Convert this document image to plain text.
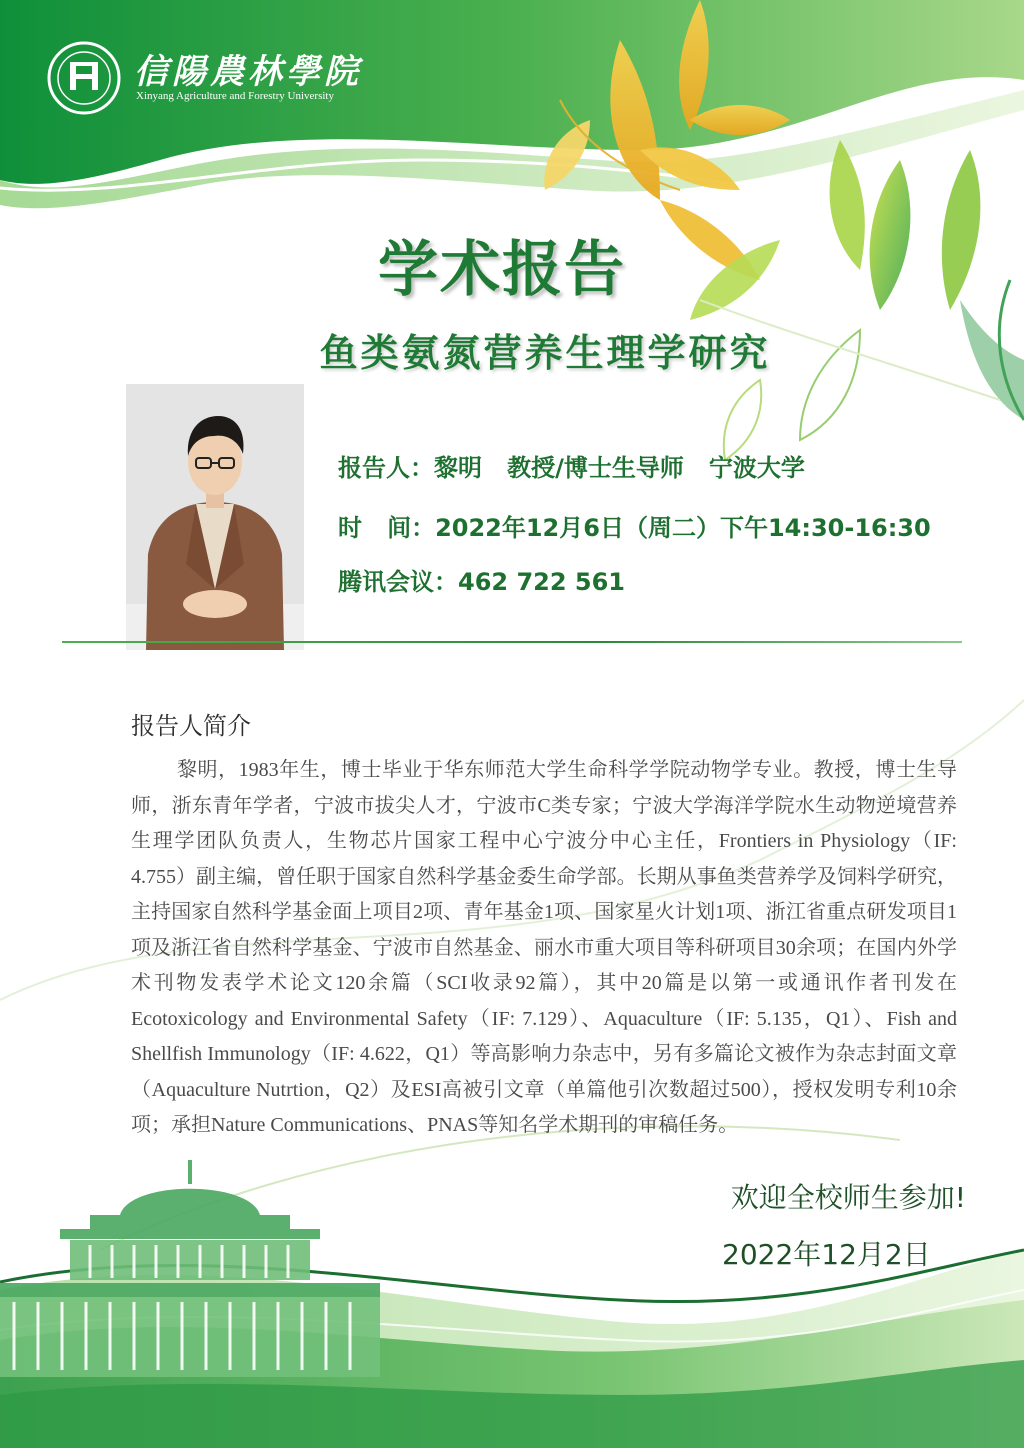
信陽農林學院
Xinyang Agriculture and Forestry University
学术报告
鱼类氨氮营养生理学研究
报告人：黎明   教授/博士生导师   宁波大学
时   间：2022年12月6日（周二）下午14:30-16:30
腾讯会议：462 722 561
报告人简介

黎明，1983年生，博士毕业于华东师范大学生命科学学院动物学专业。教授，博士生导师，浙东青年学者，宁波市拔尖人才，宁波市C类专家；宁波大学海洋学院水生动物逆境营养生理学团队负责人，生物芯片国家工程中心宁波分中心主任，Frontiers in Physiology（IF: 4.755）副主编，曾任职于国家自然科学基金委生命学部。长期从事鱼类营养学及饲料学研究，主持国家自然科学基金面上项目2项、青年基金1项、国家星火计划1项、浙江省重点研发项目1项及浙江省自然科学基金、宁波市自然基金、丽水市重大项目等科研项目30余项；在国内外学术刊物发表学术论文120余篇（SCI收录92篇），其中20篇是以第一或通讯作者刊发在Ecotoxicology and Environmental Safety（IF: 7.129）、Aquaculture（IF: 5.135，Q1）、Fish and Shellfish Immunology（IF: 4.622，Q1）等高影响力杂志中，另有多篇论文被作为杂志封面文章（Aquaculture Nutrtion，Q2）及ESI高被引文章（单篇他引次数超过500），授权发明专利10余项；承担Nature Communications、PNAS等知名学术期刊的审稿任务。

欢迎全校师生参加!
2022年12月2日
